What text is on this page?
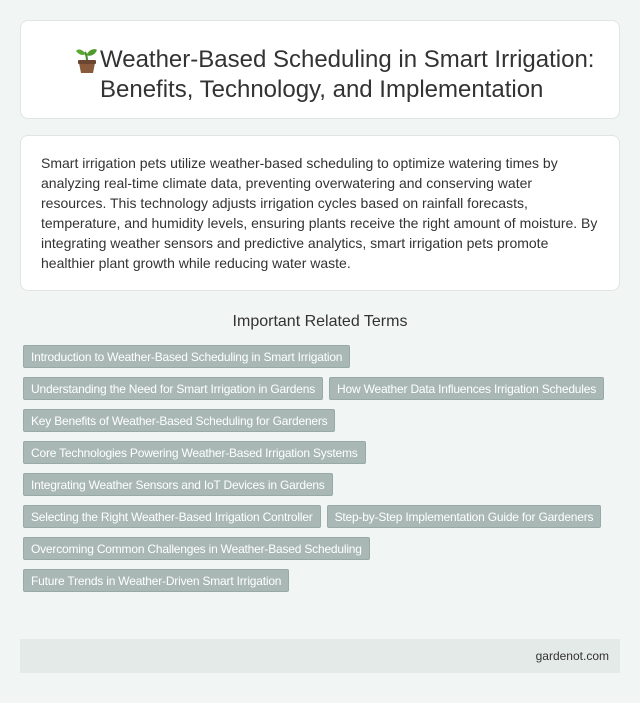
Weather-Based Scheduling in Smart Irrigation:
Benefits, Technology, and Implementation

Smart irrigation pets utilize weather-based scheduling to optimize watering times by analyzing real-time climate data, preventing overwatering and conserving water resources. This technology adjusts irrigation cycles based on rainfall forecasts, temperature, and humidity levels, ensuring plants receive the right amount of moisture. By integrating weather sensors and predictive analytics, smart irrigation pets promote healthier plant growth while reducing water waste.

Important Related Terms
Introduction to Weather-Based Scheduling in Smart Irrigation
Understanding the Need for Smart Irrigation in Gardens	How Weather Data Influences Irrigation Schedules
Key Benefits of Weather-Based Scheduling for Gardeners
Core Technologies Powering Weather-Based Irrigation Systems
Integrating Weather Sensors and IoT Devices in Gardens
Selecting the Right Weather-Based Irrigation Controller	Step-by-Step Implementation Guide for Gardeners
Overcoming Common Challenges in Weather-Based Scheduling
Future Trends in Weather-Driven Smart Irrigation
gardenot.com
